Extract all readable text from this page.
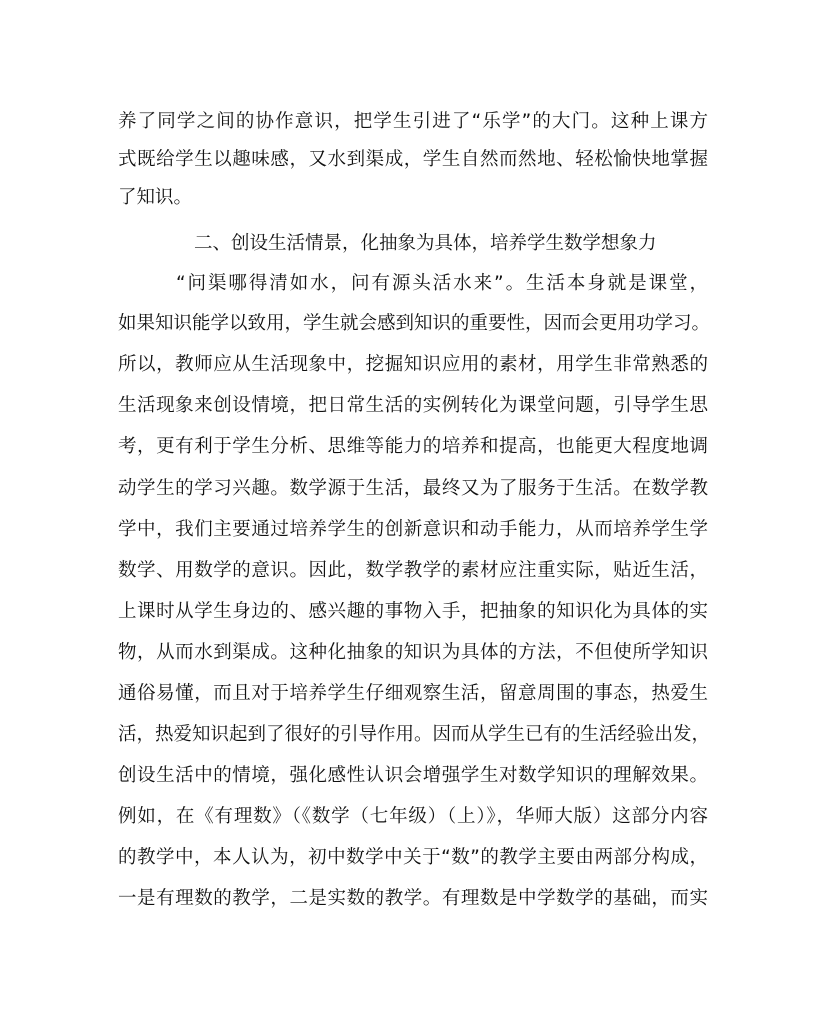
养了同学之间的协作意识，把学生引进了“乐学”的大门。这种上课方
式既给学生以趣味感，又水到渠成，学生自然而然地、轻松愉快地掌握
了知识。
二、创设生活情景，化抽象为具体，培养学生数学想象力
“问渠哪得清如水，问有源头活水来”。生活本身就是课堂，
如果知识能学以致用，学生就会感到知识的重要性，因而会更用功学习。
所以，教师应从生活现象中，挖掘知识应用的素材，用学生非常熟悉的
生活现象来创设情境，把日常生活的实例转化为课堂问题，引导学生思
考，更有利于学生分析、思维等能力的培养和提高，也能更大程度地调
动学生的学习兴趣。数学源于生活，最终又为了服务于生活。在数学教
学中，我们主要通过培养学生的创新意识和动手能力，从而培养学生学
数学、用数学的意识。因此，数学教学的素材应注重实际，贴近生活，
上课时从学生身边的、感兴趣的事物入手，把抽象的知识化为具体的实
物，从而水到渠成。这种化抽象的知识为具体的方法，不但使所学知识
通俗易懂，而且对于培养学生仔细观察生活，留意周围的事态，热爱生
活，热爱知识起到了很好的引导作用。因而从学生已有的生活经验出发，
创设生活中的情境，强化感性认识会增强学生对数学知识的理解效果。
例如，在《有理数》（《数学（七年级）（上）》，华师大版）这部分内容
的教学中，本人认为，初中数学中关于“数”的教学主要由两部分构成，
一是有理数的教学，二是实数的教学。有理数是中学数学的基础，而实
